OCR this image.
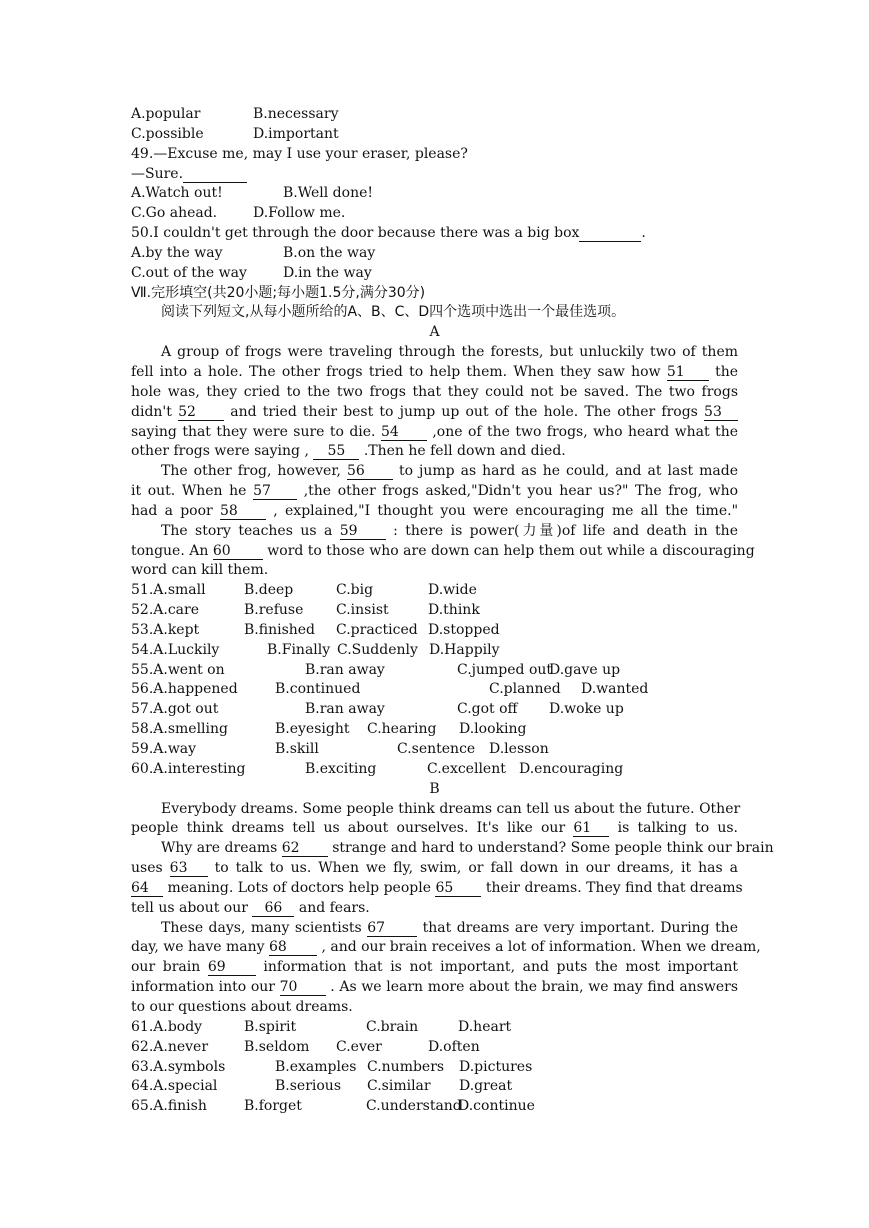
A.popular	B.necessary
C.possible	D.important
49.—Excuse me, may I use your eraser, please?
—Sure.
A.Watch out!	B.Well done!
C.Go ahead.	D.Follow me.
50.I couldn't get through the door because there was a big box	.
A.by the way	B.on the way
C.out of the way	D.in the way
Ⅶ.完形填空(共20小题;每小题1.5分,满分30分)
阅读下列短文,从每小题所给的A、B、C、D四个选项中选出一个最佳选项。
A
A group of frogs were traveling through the forests, but unluckily two of them
fell into a hole. The other frogs tried to help them. When they saw how 51 the
hole was, they cried to the two frogs that they could not be saved. The two frogs
didn't 52 and tried their best to jump up out of the hole. The other frogs 53
saying that they were sure to die. 54 ,one of the two frogs, who heard what the
other frogs were saying , 55 .Then he fell down and died.
The other frog, however, 56 to jump as hard as he could, and at last made
it out. When he 57 ,the other frogs asked,"Didn't you hear us?" The frog, who
had a poor 58	, explained,"I thought you were encouraging me all the time."
The story teaches us a 59	: there is power(力量)of life and death in the
tongue. An 60	word to those who are down can help them out while a discouraging
word can kill them.
51.A.small	B.deep	C.big	D.wide
52.A.care	B.refuse C.insist	D.think
53.A.kept	B.finished C.practiced D.stopped
54.A.Luckily	B.Finally C.Suddenly D.Happily
55.A.went on	B.ran away	C.jumped outD.gave up
56.A.happened	B.continued	C.planned D.wanted
57.A.got out	B.ran away	C.got off D.woke up
58.A.smelling	B.eyesight C.hearing D.looking
59.A.way	B.skill	C.sentence D.lesson
60.A.interesting	B.exciting	C.excellent D.encouraging
B
Everybody dreams. Some people think dreams can tell us about the future. Other
people think dreams tell us about ourselves. It's like our 61 is talking to us.
Why are dreams 62 strange and hard to understand? Some people think our brain
uses 63 to talk to us. When we fly, swim, or fall down in our dreams, it has a
64 meaning. Lots of doctors help people 65 their dreams. They find that dreams
tell us about our 66 and fears.
These days, many scientists 67	that dreams are very important. During the
day, we have many 68 , and our brain receives a lot of information. When we dream,
our brain 69	information that is not important, and puts the most important
information into our 70 . As we learn more about the brain, we may find answers
to our questions about dreams.
61.A.body	B.spirit	C.brain	D.heart
62.A.never	B.seldom C.ever	D.often
63.A.symbols	B.examples C.numbers D.pictures
64.A.special	B.serious C.similar D.great
65.A.finish	B.forget	C.understandD.continue
